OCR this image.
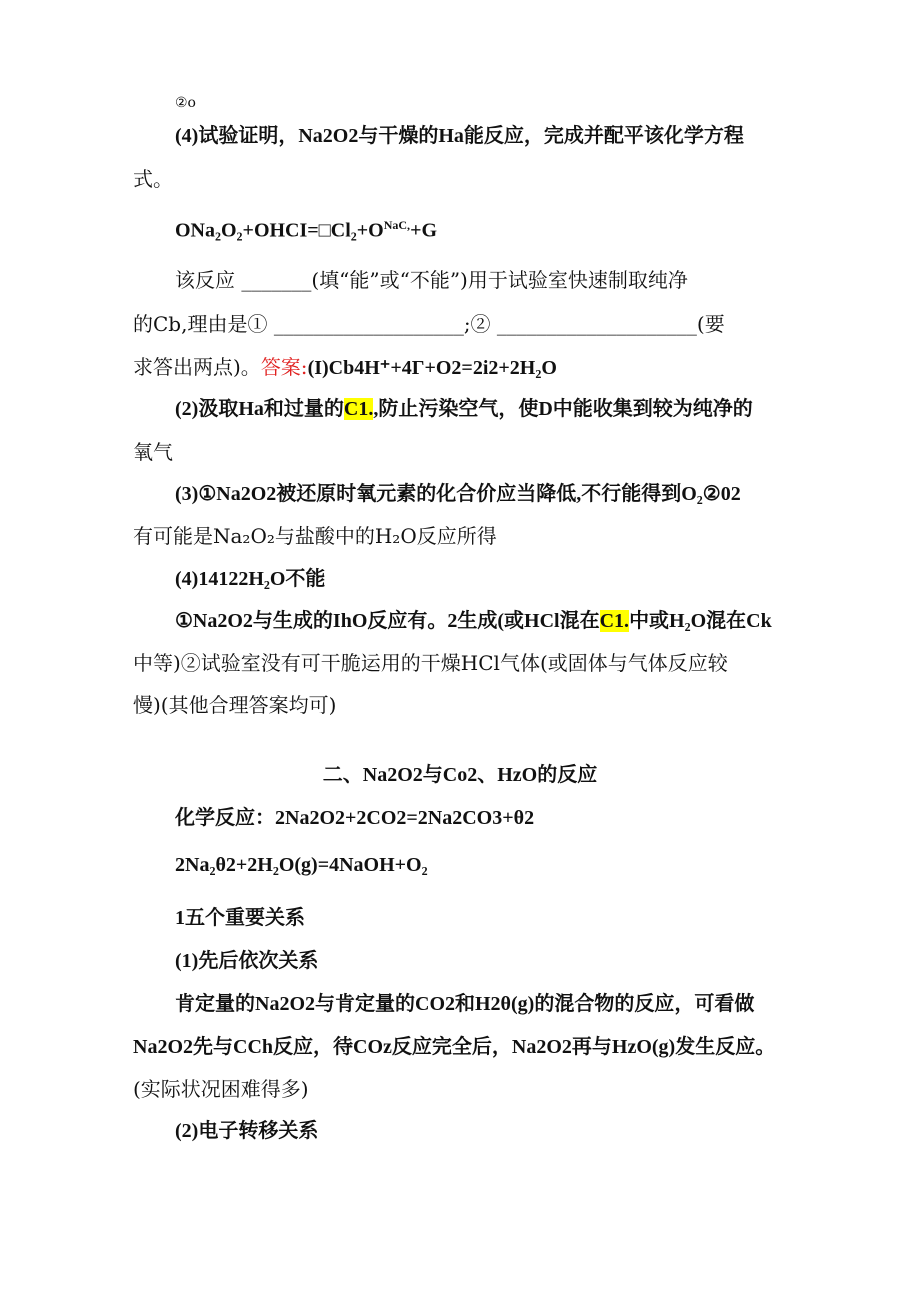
②o
(4)试验证明，Na2O2与干燥的Ha能反应，完成并配平该化学方程
式。
$ONa_2O_2+OHCI=□Cl_2+O^{NaC,}+G$
该反应 _______(填“能”或“不能”)用于试验室快速制取纯净
的Cb,理由是① ___________________;② ____________________(要
求答出两点)。答案:(I)Cb4H⁺+4Γ+O2=2i2+2H₂O
(2)汲取Ha和过量的C1.,防止污染空气，使D中能收集到较为纯净的
氧气
(3)①Na2O2被还原时氧元素的化合价应当降低,不行能得到O₂②02
有可能是Na₂O₂与盐酸中的H₂O反应所得
(4)14122H₂O不能
①Na2O2与生成的IhO反应有。2生成(或HCl混在C1.中或H₂O混在Ck
中等)②试验室没有可干脆运用的干燥HCl气体(或固体与气体反应较
慢)(其他合理答案均可)
二、Na2O2与Co2、HzO的反应
化学反应：2Na2O2+2CO2=2Na2CO3+θ2
2Na₂θ2+2H₂O(g)=4NaOH+O₂
1五个重要关系
(1)先后依次关系
肯定量的Na2O2与肯定量的CO2和H2θ(g)的混合物的反应，可看做
Na2O2先与CCh反应，待COz反应完全后，Na2O2再与HzO(g)发生反应。
(实际状况困难得多)
(2)电子转移关系
